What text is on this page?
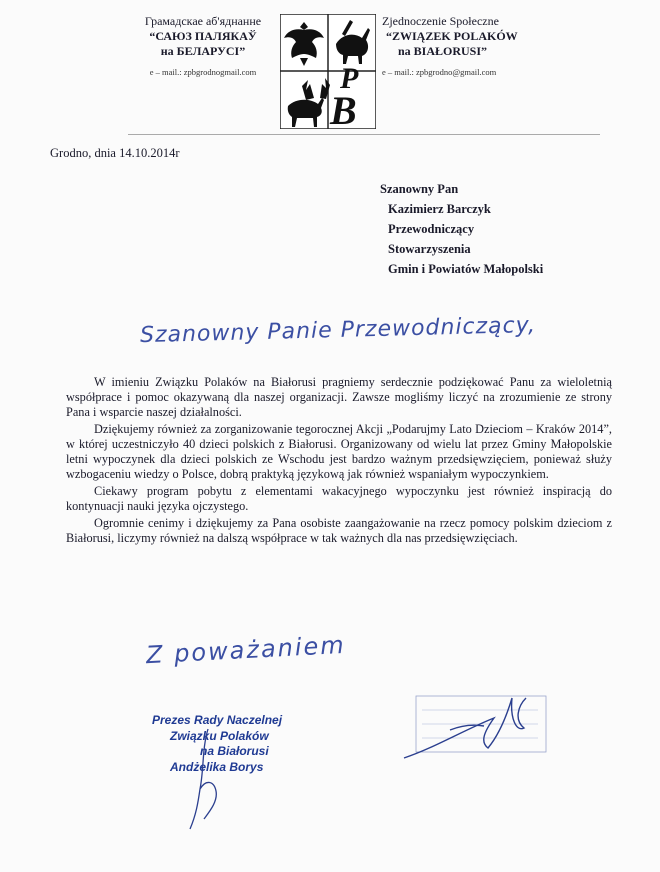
Грамадскае аб'яднанне
“САЮЗ ПАЛЯКАЎ
на БЕЛАРУСІ”
e – mail.: zpbgrodnogmail.com
B
P
Zjednoczenie Społeczne
“ZWIĄZEK POLAKÓW
na BIAŁORUSI”
e – mail.: zpbgrodno@gmail.com
Grodno, dnia 14.10.2014r
Szanowny Pan
Kazimierz Barczyk
Przewodniczący
Stowarzyszenia
Gmin i Powiatów Małopolski
Szanowny Panie Przewodniczący,

W imieniu Związku Polaków na Białorusi pragniemy serdecznie podziękować Panu za wieloletnią współprace i pomoc okazywaną dla naszej organizacji. Zawsze mogliśmy liczyć na zrozumienie ze strony Pana i wsparcie naszej działalności.

Dziękujemy również za zorganizowanie tegorocznej Akcji „Podarujmy Lato Dzieciom – Kraków 2014”, w której uczestniczyło 40 dzieci polskich z Białorusi. Organizowany od wielu lat przez Gminy Małopolskie letni wypoczynek dla dzieci polskich ze Wschodu jest bardzo ważnym przedsięwzięciem, ponieważ służy wzbogaceniu wiedzy o Polsce, dobrą praktyką językową jak również wspaniałym wypoczynkiem.

Ciekawy program pobytu z elementami wakacyjnego wypoczynku jest również inspiracją do kontynuacji nauki języka ojczystego.

Ogromnie cenimy i dziękujemy za Pana osobiste zaangażowanie na rzecz pomocy polskim dzieciom z Białorusi, liczymy również na dalszą współprace w tak ważnych dla nas przedsięwzięciach.

Z poważaniem
Prezes Rady Naczelnej
Związku Polaków
na Białorusi
Andżelika Borys
